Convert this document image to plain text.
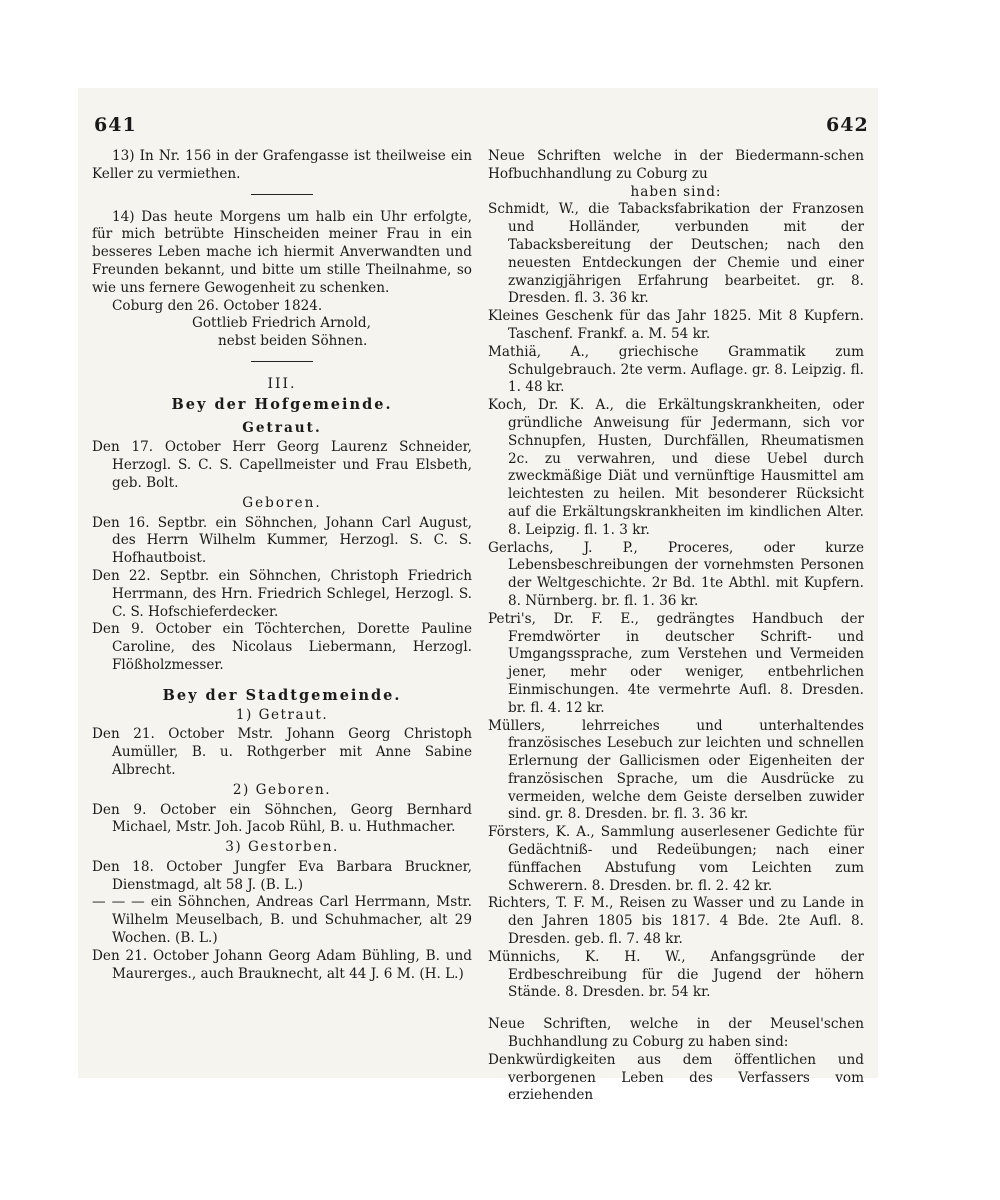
641	642

13) In Nr. 156 in der Grafengasse ist theilweise ein Keller zu vermiethen.

14) Das heute Morgens um halb ein Uhr erfolgte, für mich betrübte Hinscheiden meiner Frau in ein besseres Leben mache ich hiermit Anverwandten und Freunden bekannt, und bitte um stille Theilnahme, so wie uns fernere Gewogenheit zu schenken.

Coburg den 26. October 1824.

Gottlieb Friedrich Arnold,

nebst beiden Söhnen.

III.

Bey der Hofgemeinde.

Getraut.

Den 17. October Herr Georg Laurenz Schneider, Herzogl. S. C. S. Capellmeister und Frau Elsbeth, geb. Bolt.

Geboren.

Den 16. Septbr. ein Söhnchen, Johann Carl August, des Herrn Wilhelm Kummer, Herzogl. S. C. S. Hofhautboist.

Den 22. Septbr. ein Söhnchen, Christoph Friedrich Herrmann, des Hrn. Friedrich Schlegel, Herzogl. S. C. S. Hofschieferdecker.

Den 9. October ein Töchterchen, Dorette Pauline Caroline, des Nicolaus Liebermann, Herzogl. Flößholzmesser.

Bey der Stadtgemeinde.

1) Getraut.

Den 21. October Mstr. Johann Georg Christoph Aumüller, B. u. Rothgerber mit Anne Sabine Albrecht.

2) Geboren.

Den 9. October ein Söhnchen, Georg Bernhard Michael, Mstr. Joh. Jacob Rühl, B. u. Huthmacher.

3) Gestorben.

Den 18. October Jungfer Eva Barbara Bruckner, Dienstmagd, alt 58 J. (B. L.)

— — — ein Söhnchen, Andreas Carl Herrmann, Mstr. Wilhelm Meuselbach, B. und Schuhmacher, alt 29 Wochen. (B. L.)

Den 21. October Johann Georg Adam Bühling, B. und Maurerges., auch Brauknecht, alt 44 J. 6 M. (H. L.)

Neue Schriften welche in der Biedermann-schen Hofbuchhandlung zu Coburg zu

haben sind:

Schmidt, W., die Tabacksfabrikation der Franzosen und Holländer, verbunden mit der Tabacksbereitung der Deutschen; nach den neuesten Entdeckungen der Chemie und einer zwanzigjährigen Erfahrung bearbeitet. gr. 8. Dresden. fl. 3. 36 kr.

Kleines Geschenk für das Jahr 1825. Mit 8 Kupfern. Taschenf. Frankf. a. M. 54 kr.

Mathiä, A., griechische Grammatik zum Schulgebrauch. 2te verm. Auflage. gr. 8. Leipzig. fl. 1. 48 kr.

Koch, Dr. K. A., die Erkältungskrankheiten, oder gründliche Anweisung für Jedermann, sich vor Schnupfen, Husten, Durchfällen, Rheumatismen 2c. zu verwahren, und diese Uebel durch zweckmäßige Diät und vernünftige Hausmittel am leichtesten zu heilen. Mit besonderer Rücksicht auf die Erkältungskrankheiten im kindlichen Alter. 8. Leipzig. fl. 1. 3 kr.

Gerlachs, J. P., Proceres, oder kurze Lebensbeschreibungen der vornehmsten Personen der Weltgeschichte. 2r Bd. 1te Abthl. mit Kupfern. 8. Nürnberg. br. fl. 1. 36 kr.

Petri's, Dr. F. E., gedrängtes Handbuch der Fremdwörter in deutscher Schrift- und Umgangssprache, zum Verstehen und Vermeiden jener, mehr oder weniger, entbehrlichen Einmischungen. 4te vermehrte Aufl. 8. Dresden. br. fl. 4. 12 kr.

Müllers, lehrreiches und unterhaltendes französisches Lesebuch zur leichten und schnellen Erlernung der Gallicismen oder Eigenheiten der französischen Sprache, um die Ausdrücke zu vermeiden, welche dem Geiste derselben zuwider sind. gr. 8. Dresden. br. fl. 3. 36 kr.

Försters, K. A., Sammlung auserlesener Gedichte für Gedächtniß- und Redeübungen; nach einer fünffachen Abstufung vom Leichten zum Schwerern. 8. Dresden. br. fl. 2. 42 kr.

Richters, T. F. M., Reisen zu Wasser und zu Lande in den Jahren 1805 bis 1817. 4 Bde. 2te Aufl. 8. Dresden. geb. fl. 7. 48 kr.

Münnichs, K. H. W., Anfangsgründe der Erdbeschreibung für die Jugend der höhern Stände. 8. Dresden. br. 54 kr.

Neue Schriften, welche in der Meusel'schen Buchhandlung zu Coburg zu haben sind:

Denkwürdigkeiten aus dem öffentlichen und verborgenen Leben des Verfassers vom erziehenden
